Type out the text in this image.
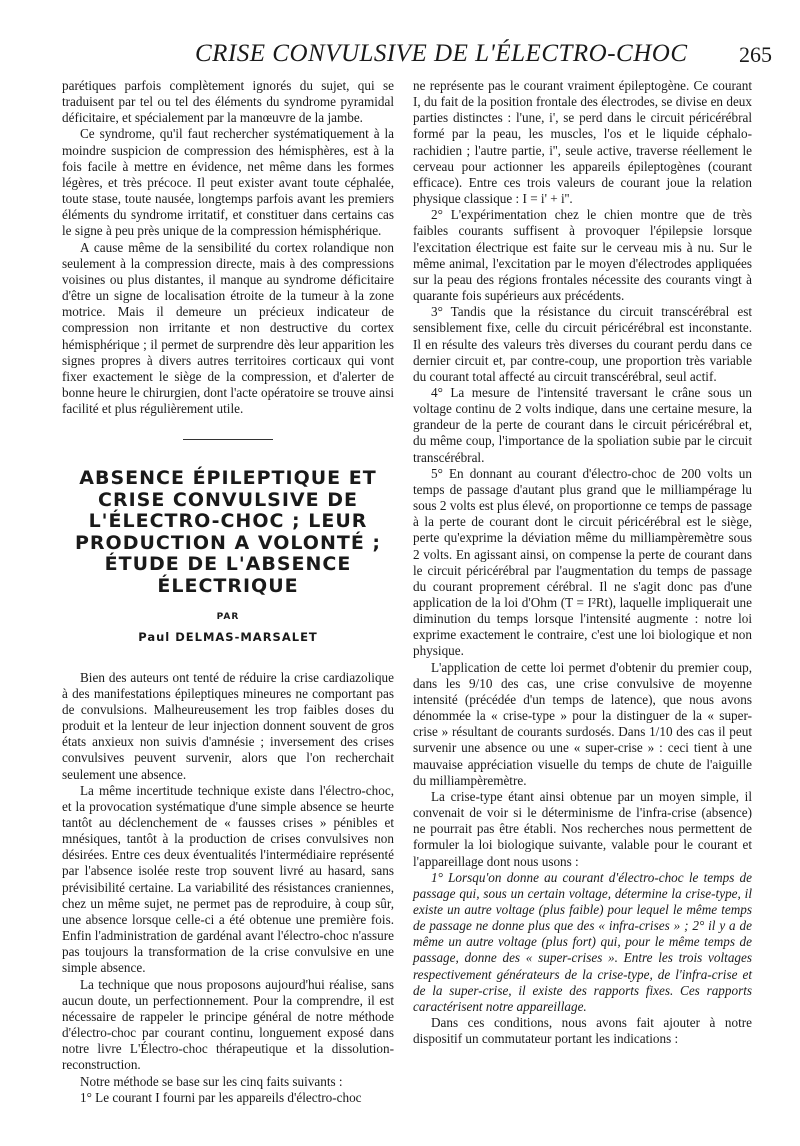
CRISE CONVULSIVE DE L'ÉLECTRO-CHOC 265

parétiques parfois complètement ignorés du sujet, qui se traduisent par tel ou tel des éléments du syndrome pyramidal déficitaire, et spécialement par la manœuvre de la jambe.

Ce syndrome, qu'il faut rechercher systématiquement à la moindre suspicion de compression des hémisphères, est à la fois facile à mettre en évidence, net même dans les formes légères, et très précoce. Il peut exister avant toute céphalée, toute stase, toute nausée, longtemps parfois avant les premiers éléments du syndrome irritatif, et constituer dans certains cas le signe à peu près unique de la compression hémisphérique.

A cause même de la sensibilité du cortex rolandique non seulement à la compression directe, mais à des compressions voisines ou plus distantes, il manque au syndrome déficitaire d'être un signe de localisation étroite de la tumeur à la zone motrice. Mais il demeure un précieux indicateur de compression non irritante et non destructive du cortex hémisphérique ; il permet de surprendre dès leur apparition les signes propres à divers autres territoires corticaux qui vont fixer exactement le siège de la compression, et d'alerter de bonne heure le chirurgien, dont l'acte opératoire se trouve ainsi facilité et plus régulièrement utile.

ABSENCE ÉPILEPTIQUE ET CRISE CONVULSIVE DE L'ÉLECTRO-CHOC ; LEUR PRODUCTION A VOLONTÉ ; ÉTUDE DE L'ABSENCE ÉLECTRIQUE
PAR
Paul DELMAS-MARSALET

Bien des auteurs ont tenté de réduire la crise cardiazolique à des manifestations épileptiques mineures ne comportant pas de convulsions. Malheureusement les trop faibles doses du produit et la lenteur de leur injection donnent souvent de gros états anxieux non suivis d'amnésie ; inversement des crises convulsives peuvent survenir, alors que l'on recherchait seulement une absence.

La même incertitude technique existe dans l'électro-choc, et la provocation systématique d'une simple absence se heurte tantôt au déclenchement de « fausses crises » pénibles et mnésiques, tantôt à la production de crises convulsives non désirées. Entre ces deux éventualités l'intermédiaire représenté par l'absence isolée reste trop souvent livré au hasard, sans prévisibilité certaine. La variabilité des résistances craniennes, chez un même sujet, ne permet pas de reproduire, à coup sûr, une absence lorsque celle-ci a été obtenue une première fois. Enfin l'administration de gardénal avant l'électro-choc n'assure pas toujours la transformation de la crise convulsive en une simple absence.

La technique que nous proposons aujourd'hui réalise, sans aucun doute, un perfectionnement. Pour la comprendre, il est nécessaire de rappeler le principe général de notre méthode d'électro-choc par courant continu, longuement exposé dans notre livre L'Électro-choc thérapeutique et la dissolution-reconstruction.

Notre méthode se base sur les cinq faits suivants :

1° Le courant I fourni par les appareils d'électro-choc

ne représente pas le courant vraiment épileptogène. Ce courant I, du fait de la position frontale des électrodes, se divise en deux parties distinctes : l'une, i', se perd dans le circuit péricérébral formé par la peau, les muscles, l'os et le liquide céphalo-rachidien ; l'autre partie, i'', seule active, traverse réellement le cerveau pour actionner les appareils épileptogènes (courant efficace). Entre ces trois valeurs de courant joue la relation physique classique : I = i' + i''.

2° L'expérimentation chez le chien montre que de très faibles courants suffisent à provoquer l'épilepsie lorsque l'excitation électrique est faite sur le cerveau mis à nu. Sur le même animal, l'excitation par le moyen d'électrodes appliquées sur la peau des régions frontales nécessite des courants vingt à quarante fois supérieurs aux précédents.

3° Tandis que la résistance du circuit transcérébral est sensiblement fixe, celle du circuit péricérébral est inconstante. Il en résulte des valeurs très diverses du courant perdu dans ce dernier circuit et, par contre-coup, une proportion très variable du courant total affecté au circuit transcérébral, seul actif.

4° La mesure de l'intensité traversant le crâne sous un voltage continu de 2 volts indique, dans une certaine mesure, la grandeur de la perte de courant dans le circuit péricérébral et, du même coup, l'importance de la spoliation subie par le circuit transcérébral.

5° En donnant au courant d'électro-choc de 200 volts un temps de passage d'autant plus grand que le milliampérage lu sous 2 volts est plus élevé, on proportionne ce temps de passage à la perte de courant dont le circuit péricérébral est le siège, perte qu'exprime la déviation même du milliampèremètre sous 2 volts. En agissant ainsi, on compense la perte de courant dans le circuit péricérébral par l'augmentation du temps de passage du courant proprement cérébral. Il ne s'agit donc pas d'une application de la loi d'Ohm (T = I²Rt), laquelle impliquerait une diminution du temps lorsque l'intensité augmente : notre loi exprime exactement le contraire, c'est une loi biologique et non physique.

L'application de cette loi permet d'obtenir du premier coup, dans les 9/10 des cas, une crise convulsive de moyenne intensité (précédée d'un temps de latence), que nous avons dénommée la « crise-type » pour la distinguer de la « super-crise » résultant de courants surdosés. Dans 1/10 des cas il peut survenir une absence ou une « super-crise » : ceci tient à une mauvaise appréciation visuelle du temps de chute de l'aiguille du milliampèremètre.

La crise-type étant ainsi obtenue par un moyen simple, il convenait de voir si le déterminisme de l'infra-crise (absence) ne pourrait pas être établi. Nos recherches nous permettent de formuler la loi biologique suivante, valable pour le courant et l'appareillage dont nous usons :

1° Lorsqu'on donne au courant d'électro-choc le temps de passage qui, sous un certain voltage, détermine la crise-type, il existe un autre voltage (plus faible) pour lequel le même temps de passage ne donne plus que des « infra-crises » ; 2° il y a de même un autre voltage (plus fort) qui, pour le même temps de passage, donne des « super-crises ». Entre les trois voltages respectivement générateurs de la crise-type, de l'infra-crise et de la super-crise, il existe des rapports fixes. Ces rapports caractérisent notre appareillage.

Dans ces conditions, nous avons fait ajouter à notre dispositif un commutateur portant les indications :
